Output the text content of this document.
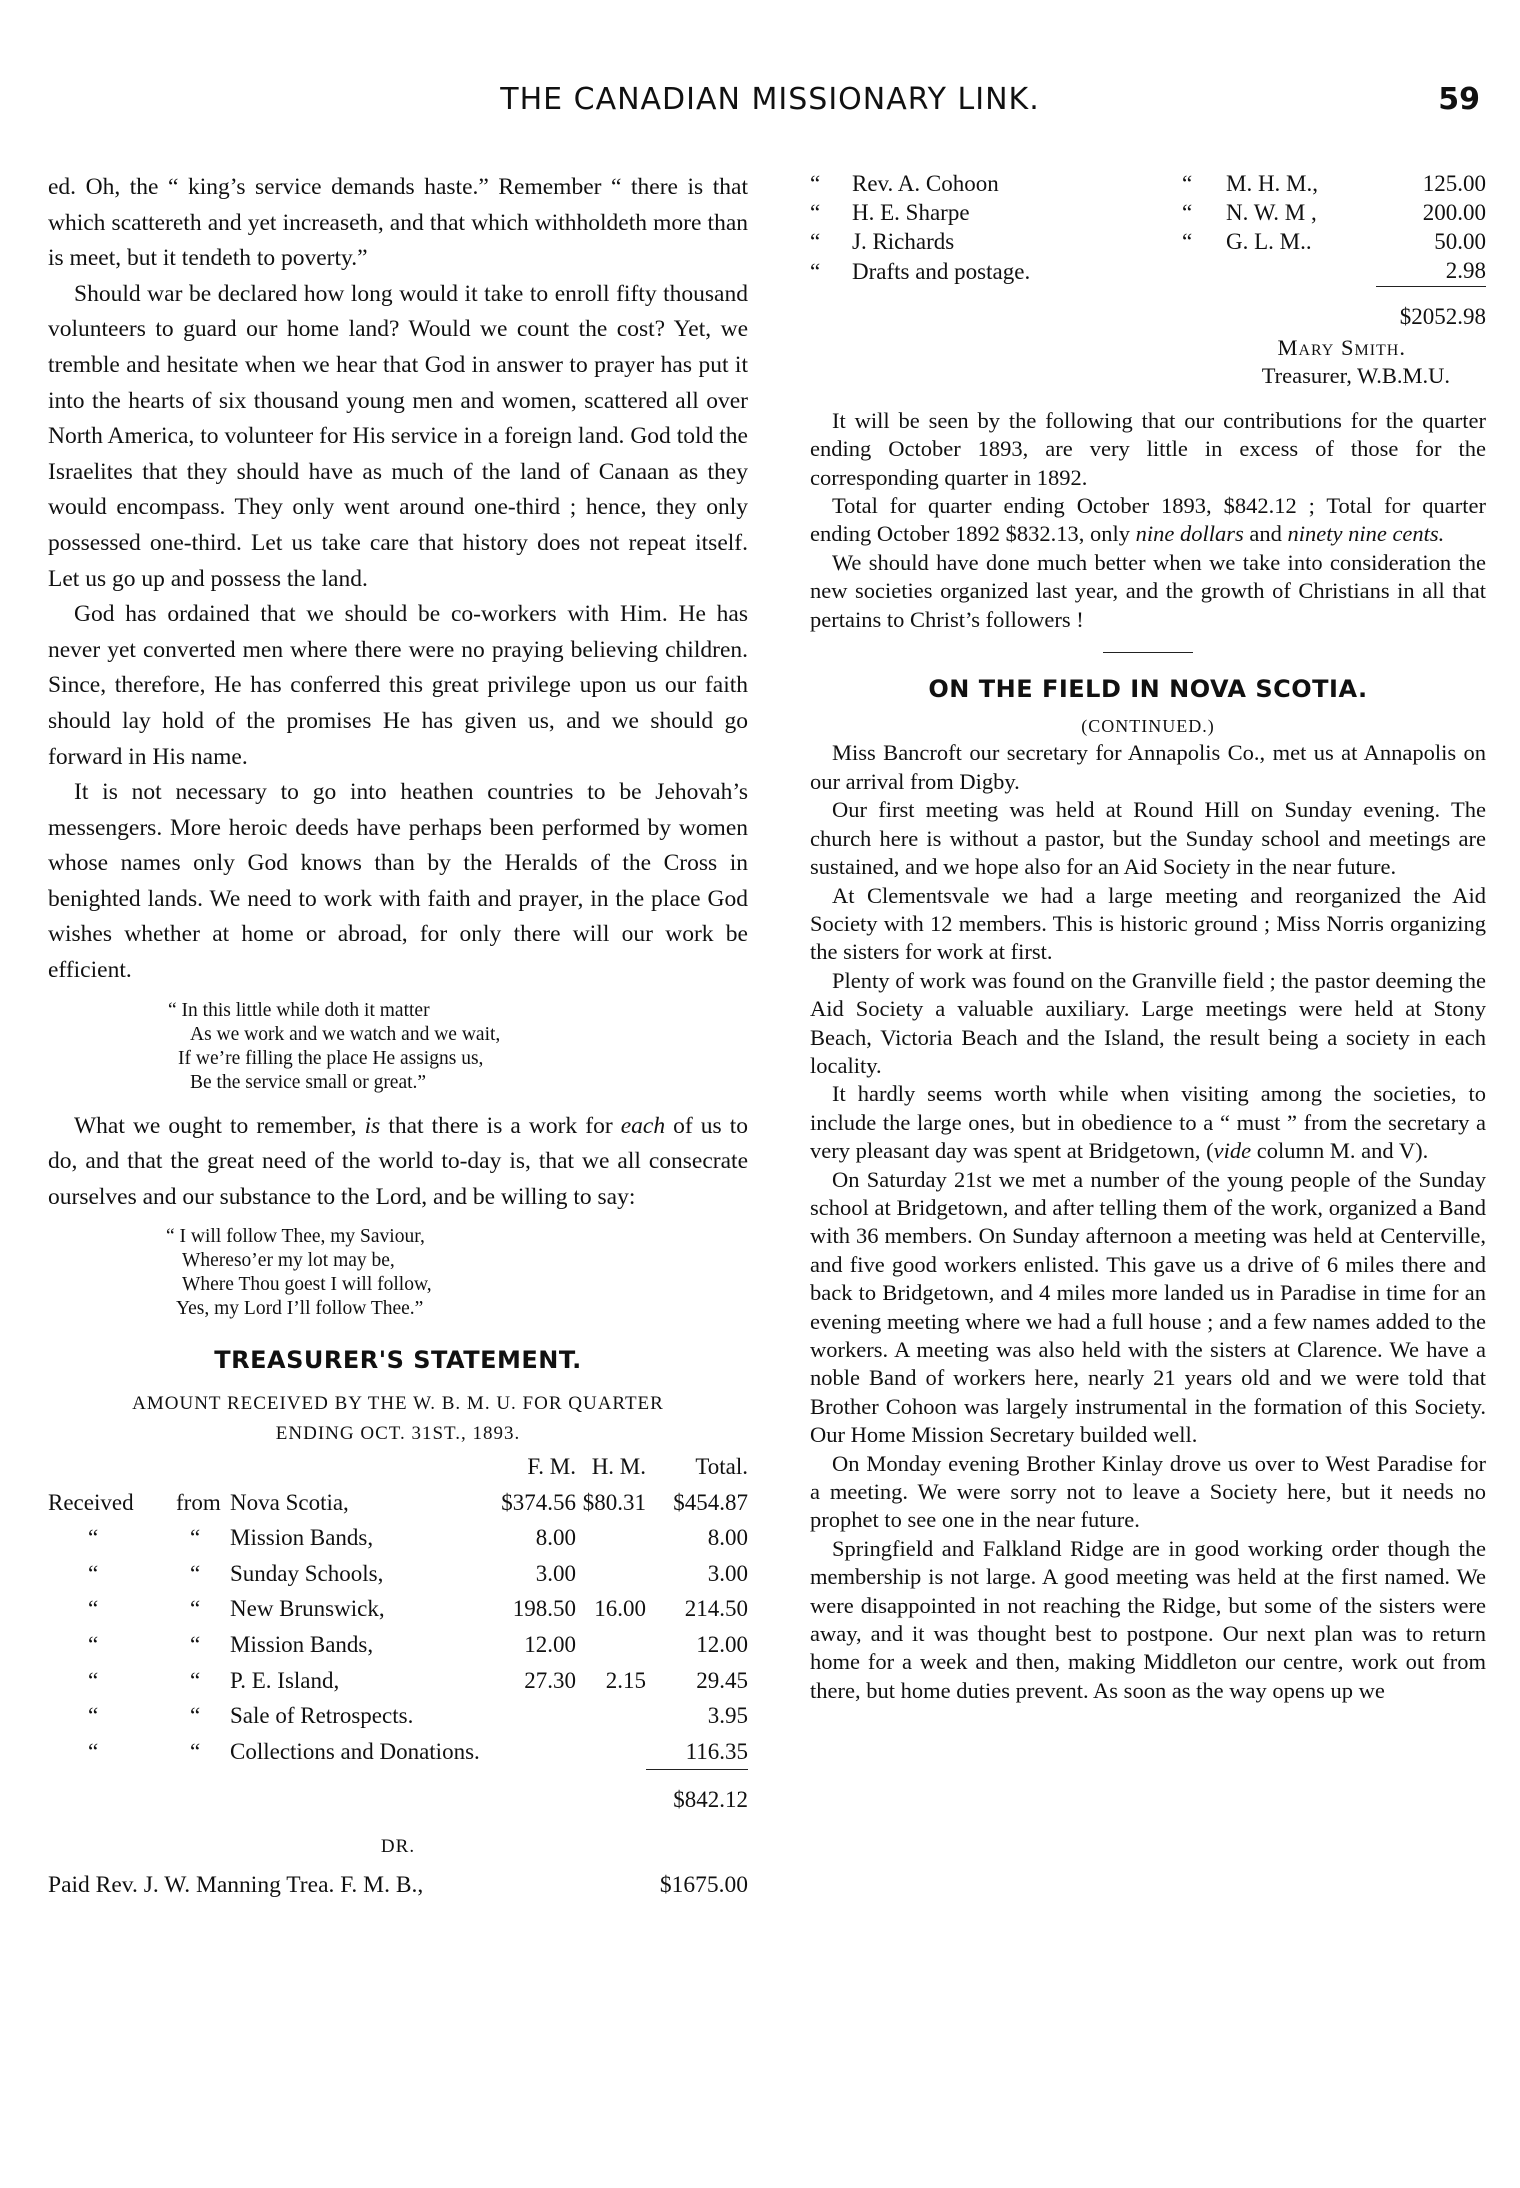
THE CANADIAN MISSIONARY LINK.	59

ed. Oh, the “ king’s service demands haste.” Remember “ there is that which scattereth and yet increaseth, and that which withholdeth more than is meet, but it tendeth to poverty.”

Should war be declared how long would it take to enroll fifty thousand volunteers to guard our home land? Would we count the cost? Yet, we tremble and hesitate when we hear that God in answer to prayer has put it into the hearts of six thousand young men and women, scattered all over North America, to volunteer for His service in a foreign land. God told the Israelites that they should have as much of the land of Canaan as they would encompass. They only went around one-third ; hence, they only possessed one-third. Let us take care that history does not repeat itself. Let us go up and possess the land.

God has ordained that we should be co-workers with Him. He has never yet converted men where there were no praying believing children. Since, therefore, He has conferred this great privilege upon us our faith should lay hold of the promises He has given us, and we should go forward in His name.

It is not necessary to go into heathen countries to be Jehovah’s messengers. More heroic deeds have perhaps been performed by women whose names only God knows than by the Heralds of the Cross in benighted lands. We need to work with faith and prayer, in the place God wishes whether at home or abroad, for only there will our work be efficient.

“ In this little while doth it matter
As we work and we watch and we wait,
If we’re filling the place He assigns us,
Be the service small or great.”

What we ought to remember, is that there is a work for each of us to do, and that the great need of the world to-day is, that we all consecrate ourselves and our substance to the Lord, and be willing to say:

“ I will follow Thee, my Saviour,
Whereso’er my lot may be,
Where Thou goest I will follow,
Yes, my Lord I’ll follow Thee.”
TREASURER'S STATEMENT.
AMOUNT RECEIVED BY THE W. B. M. U. FOR QUARTER
ENDING OCT. 31ST., 1893.
			F. M.	H. M.	Total.
Received	from	Nova Scotia,	$374.56	$80.31	$454.87
“	“	Mission Bands,	8.00		8.00
“	“	Sunday Schools,	3.00		3.00
“	“	New Brunswick,	198.50	16.00	214.50
“	“	Mission Bands,	12.00		12.00
“	“	P. E. Island,	27.30	2.15	29.45
“	“	Sale of Retrospects.			3.95
“	“	Collections and Donations.			116.35

					$842.12
DR.
Paid Rev. J. W. Manning Trea. F. M. B.,	$1675.00
“	Rev. A. Cohoon	“	M. H. M.,	125.00
“	H. E. Sharpe	“	N. W. M ,	200.00
“	J. Richards	“	G. L. M..	50.00
“	Drafts and postage.			2.98

				$2052.98
Mary Smith.
Treasurer, W.B.M.U.

It will be seen by the following that our contributions for the quarter ending October 1893, are very little in excess of those for the corresponding quarter in 1892.

Total for quarter ending October 1893, $842.12 ; Total for quarter ending October 1892 $832.13, only nine dollars and ninety nine cents.

We should have done much better when we take into consideration the new societies organized last year, and the growth of Christians in all that pertains to Christ’s followers !

ON THE FIELD IN NOVA SCOTIA.
(CONTINUED.)

Miss Bancroft our secretary for Annapolis Co., met us at Annapolis on our arrival from Digby.

Our first meeting was held at Round Hill on Sunday evening. The church here is without a pastor, but the Sunday school and meetings are sustained, and we hope also for an Aid Society in the near future.

At Clementsvale we had a large meeting and reorganized the Aid Society with 12 members. This is historic ground ; Miss Norris organizing the sisters for work at first.

Plenty of work was found on the Granville field ; the pastor deeming the Aid Society a valuable auxiliary. Large meetings were held at Stony Beach, Victoria Beach and the Island, the result being a society in each locality.

It hardly seems worth while when visiting among the societies, to include the large ones, but in obedience to a “ must ” from the secretary a very pleasant day was spent at Bridgetown, (vide column M. and V).

On Saturday 21st we met a number of the young people of the Sunday school at Bridgetown, and after telling them of the work, organized a Band with 36 members. On Sunday afternoon a meeting was held at Centerville, and five good workers enlisted. This gave us a drive of 6 miles there and back to Bridgetown, and 4 miles more landed us in Paradise in time for an evening meeting where we had a full house ; and a few names added to the workers. A meeting was also held with the sisters at Clarence. We have a noble Band of workers here, nearly 21 years old and we were told that Brother Cohoon was largely instrumental in the formation of this Society. Our Home Mission Secretary builded well.

On Monday evening Brother Kinlay drove us over to West Paradise for a meeting. We were sorry not to leave a Society here, but it needs no prophet to see one in the near future.

Springfield and Falkland Ridge are in good working order though the membership is not large. A good meeting was held at the first named. We were disappointed in not reaching the Ridge, but some of the sisters were away, and it was thought best to postpone. Our next plan was to return home for a week and then, making Middleton our centre, work out from there, but home duties prevent. As soon as the way opens up we
